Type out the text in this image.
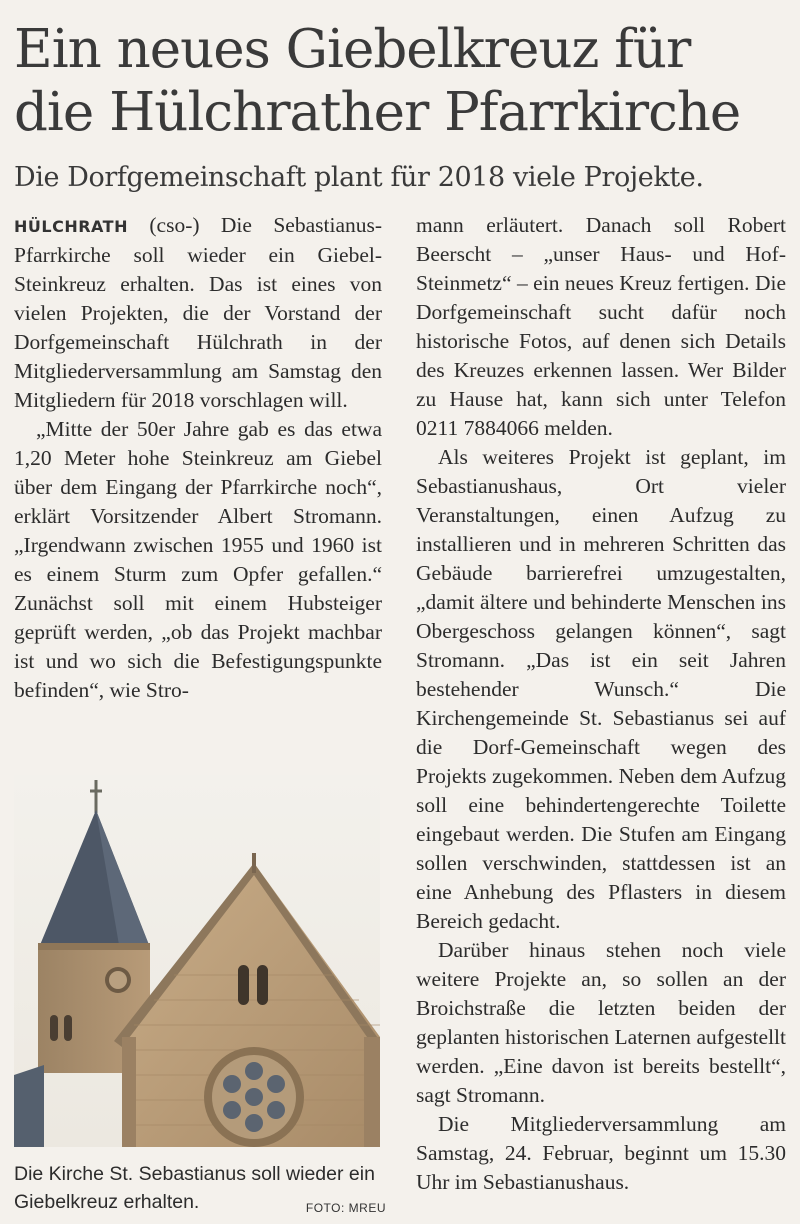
Ein neues Giebelkreuz für
die Hülchrather Pfarrkirche
Die Dorfgemeinschaft plant für 2018 viele Projekte.

HÜLCHRATH (cso-) Die Sebastianus-Pfarrkirche soll wieder ein Giebel-Steinkreuz erhalten. Das ist eines von vielen Projekten, die der Vorstand der Dorfgemeinschaft Hülchrath in der Mitgliederversammlung am Samstag den Mitgliedern für 2018 vorschlagen will.

„Mitte der 50er Jahre gab es das etwa 1,20 Meter hohe Steinkreuz am Giebel über dem Eingang der Pfarrkirche noch“, erklärt Vorsitzender Albert Stromann. „Irgendwann zwischen 1955 und 1960 ist es einem Sturm zum Opfer gefallen.“ Zunächst soll mit einem Hubsteiger geprüft werden, „ob das Projekt machbar ist und wo sich die Befestigungspunkte befinden“, wie Stro-

Die Kirche St. Sebastianus soll wieder ein Giebelkreuz erhalten.	FOTO: MREU

mann erläutert. Danach soll Robert Beerscht – „unser Haus- und Hof-Steinmetz“ – ein neues Kreuz fertigen. Die Dorfgemeinschaft sucht dafür noch historische Fotos, auf denen sich Details des Kreuzes erkennen lassen. Wer Bilder zu Hause hat, kann sich unter Telefon 0211 7884066 melden.

Als weiteres Projekt ist geplant, im Sebastianushaus, Ort vieler Veranstaltungen, einen Aufzug zu installieren und in mehreren Schritten das Gebäude barrierefrei umzugestalten, „damit ältere und behinderte Menschen ins Obergeschoss gelangen können“, sagt Stromann. „Das ist ein seit Jahren bestehender Wunsch.“ Die Kirchengemeinde St. Sebastianus sei auf die Dorf-Gemeinschaft wegen des Projekts zugekommen. Neben dem Aufzug soll eine behindertengerechte Toilette eingebaut werden. Die Stufen am Eingang sollen verschwinden, stattdessen ist an eine Anhebung des Pflasters in diesem Bereich gedacht.

Darüber hinaus stehen noch viele weitere Projekte an, so sollen an der Broichstraße die letzten beiden der geplanten historischen Laternen aufgestellt werden. „Eine davon ist bereits bestellt“, sagt Stromann.

Die Mitgliederversammlung am Samstag, 24. Februar, beginnt um 15.30 Uhr im Sebastianushaus.
